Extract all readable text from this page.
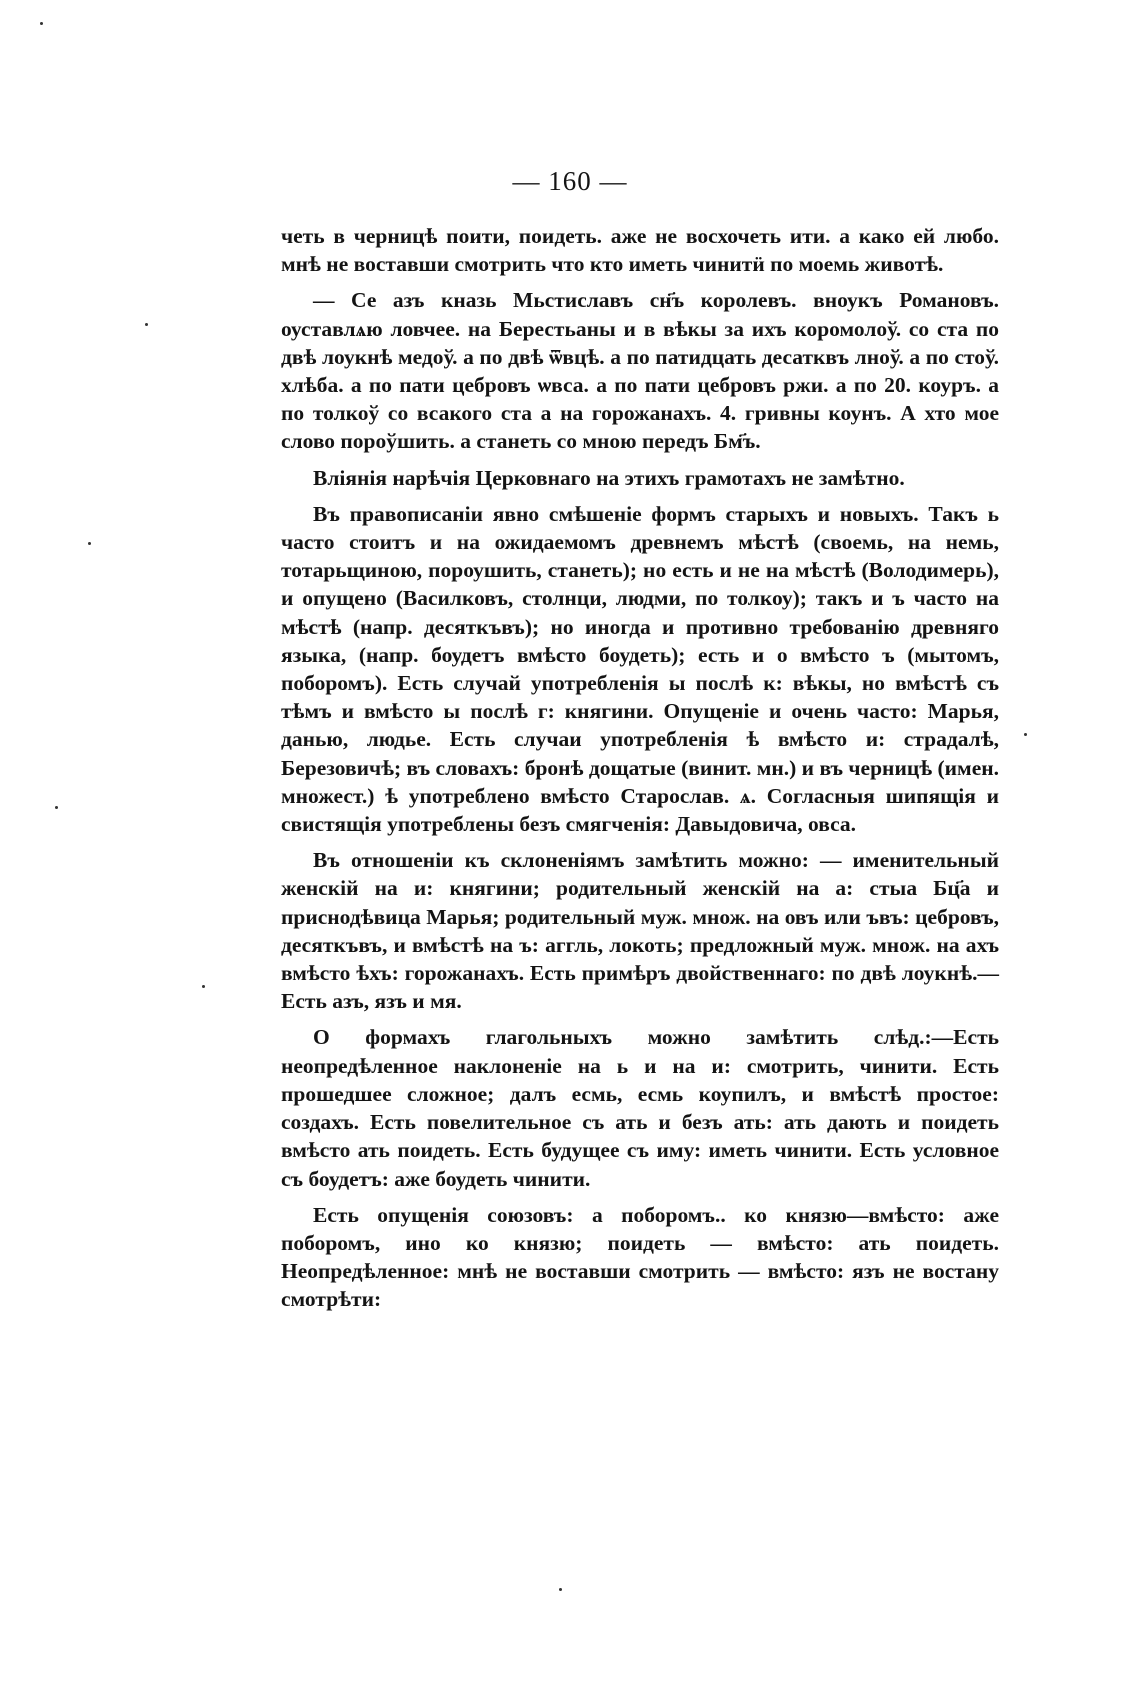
— 160 —

четь в черницѣ поити, поидеть. аже не восхочеть ити. а како ей любо. мнѣ не воставши смотрить что кто иметь чинитӥ по моемь животѣ.

— Се азъ кназь Мьстиславъ сн҃ъ королевъ. вноукъ Романовъ. оуставлѧю ловчее. на Берестьаны и в вѣкы за ихъ коромолоў. со ста по двѣ лоукнѣ медоў. а по двѣ ѿвцѣ. а по патидцать десатквъ лноў. а по стоў. хлѣба. а по пати цебровъ ѡвса. а по пати цебровъ ржи. а по 20. коуръ. а по толкоў со всакого ста а на горожанахъ. 4. гривны коунъ. А хто мое слово пороўшить. а станеть со мною передъ Бм҃ъ.

Вліянія нарѣчія Церковнаго на этихъ грамотахъ не замѣтно.

Въ правописаніи явно смѣшеніе формъ старыхъ и новыхъ. Такъ ь часто стоитъ и на ожидаемомъ древнемъ мѣстѣ (своемь, на немь, тотарьщиною, пороушить, станеть); но есть и не на мѣстѣ (Володимерь), и опущено (Василковъ, столнци, людми, по толкоу); такъ и ъ часто на мѣстѣ (напр. десяткъвъ); но иногда и противно требованію древняго языка, (напр. боудетъ вмѣсто боудеть); есть и о вмѣсто ъ (мытомъ, поборомъ). Есть случай употребленія ы послѣ к: вѣкы, но вмѣстѣ съ тѣмъ и вмѣсто ы послѣ г: княгини. Опущеніе и очень часто: Марья, данью, людье. Есть случаи употребленія ѣ вмѣсто и: страдалѣ, Березовичѣ; въ словахъ: бронѣ дощатые (винит. мн.) и въ черницѣ (имен. множест.) ѣ употреблено вмѣсто Старослав. ѧ. Согласныя шипящія и свистящія употреблены безъ смягченія: Давыдовича, овса.

Въ отношеніи къ склоненіямъ замѣтить можно: — именительный женскій на и: княгини; родительный женскій на а: стыа Бц҃а и приснодѣвица Марья; родительный муж. множ. на овъ или ъвъ: цебровъ, десяткъвъ, и вмѣстѣ на ъ: аггль, локоть; предложный муж. множ. на ахъ вмѣсто ѣхъ: горожанахъ. Есть примѣръ двойственнаго: по двѣ лоукнѣ.—Есть азъ, язъ и мя.

О формахъ глагольныхъ можно замѣтить слѣд.:—Есть неопредѣленное наклоненіе на ь и на и: смотрить, чинити. Есть прошедшее сложное; далъ есмь, есмь коупилъ, и вмѣстѣ простое: создахъ. Есть повелительное съ ать и безъ ать: ать дають и поидеть вмѣсто ать поидеть. Есть будущее съ иму: иметь чинити. Есть условное съ боудетъ: аже боудеть чинити.

Есть опущенія союзовъ: а поборомъ.. ко князю—вмѣсто: аже поборомъ, ино ко князю; поидеть — вмѣсто: ать поидеть. Неопредѣленное: мнѣ не воставши смотрить — вмѣсто: язъ не востану смотрѣти:
